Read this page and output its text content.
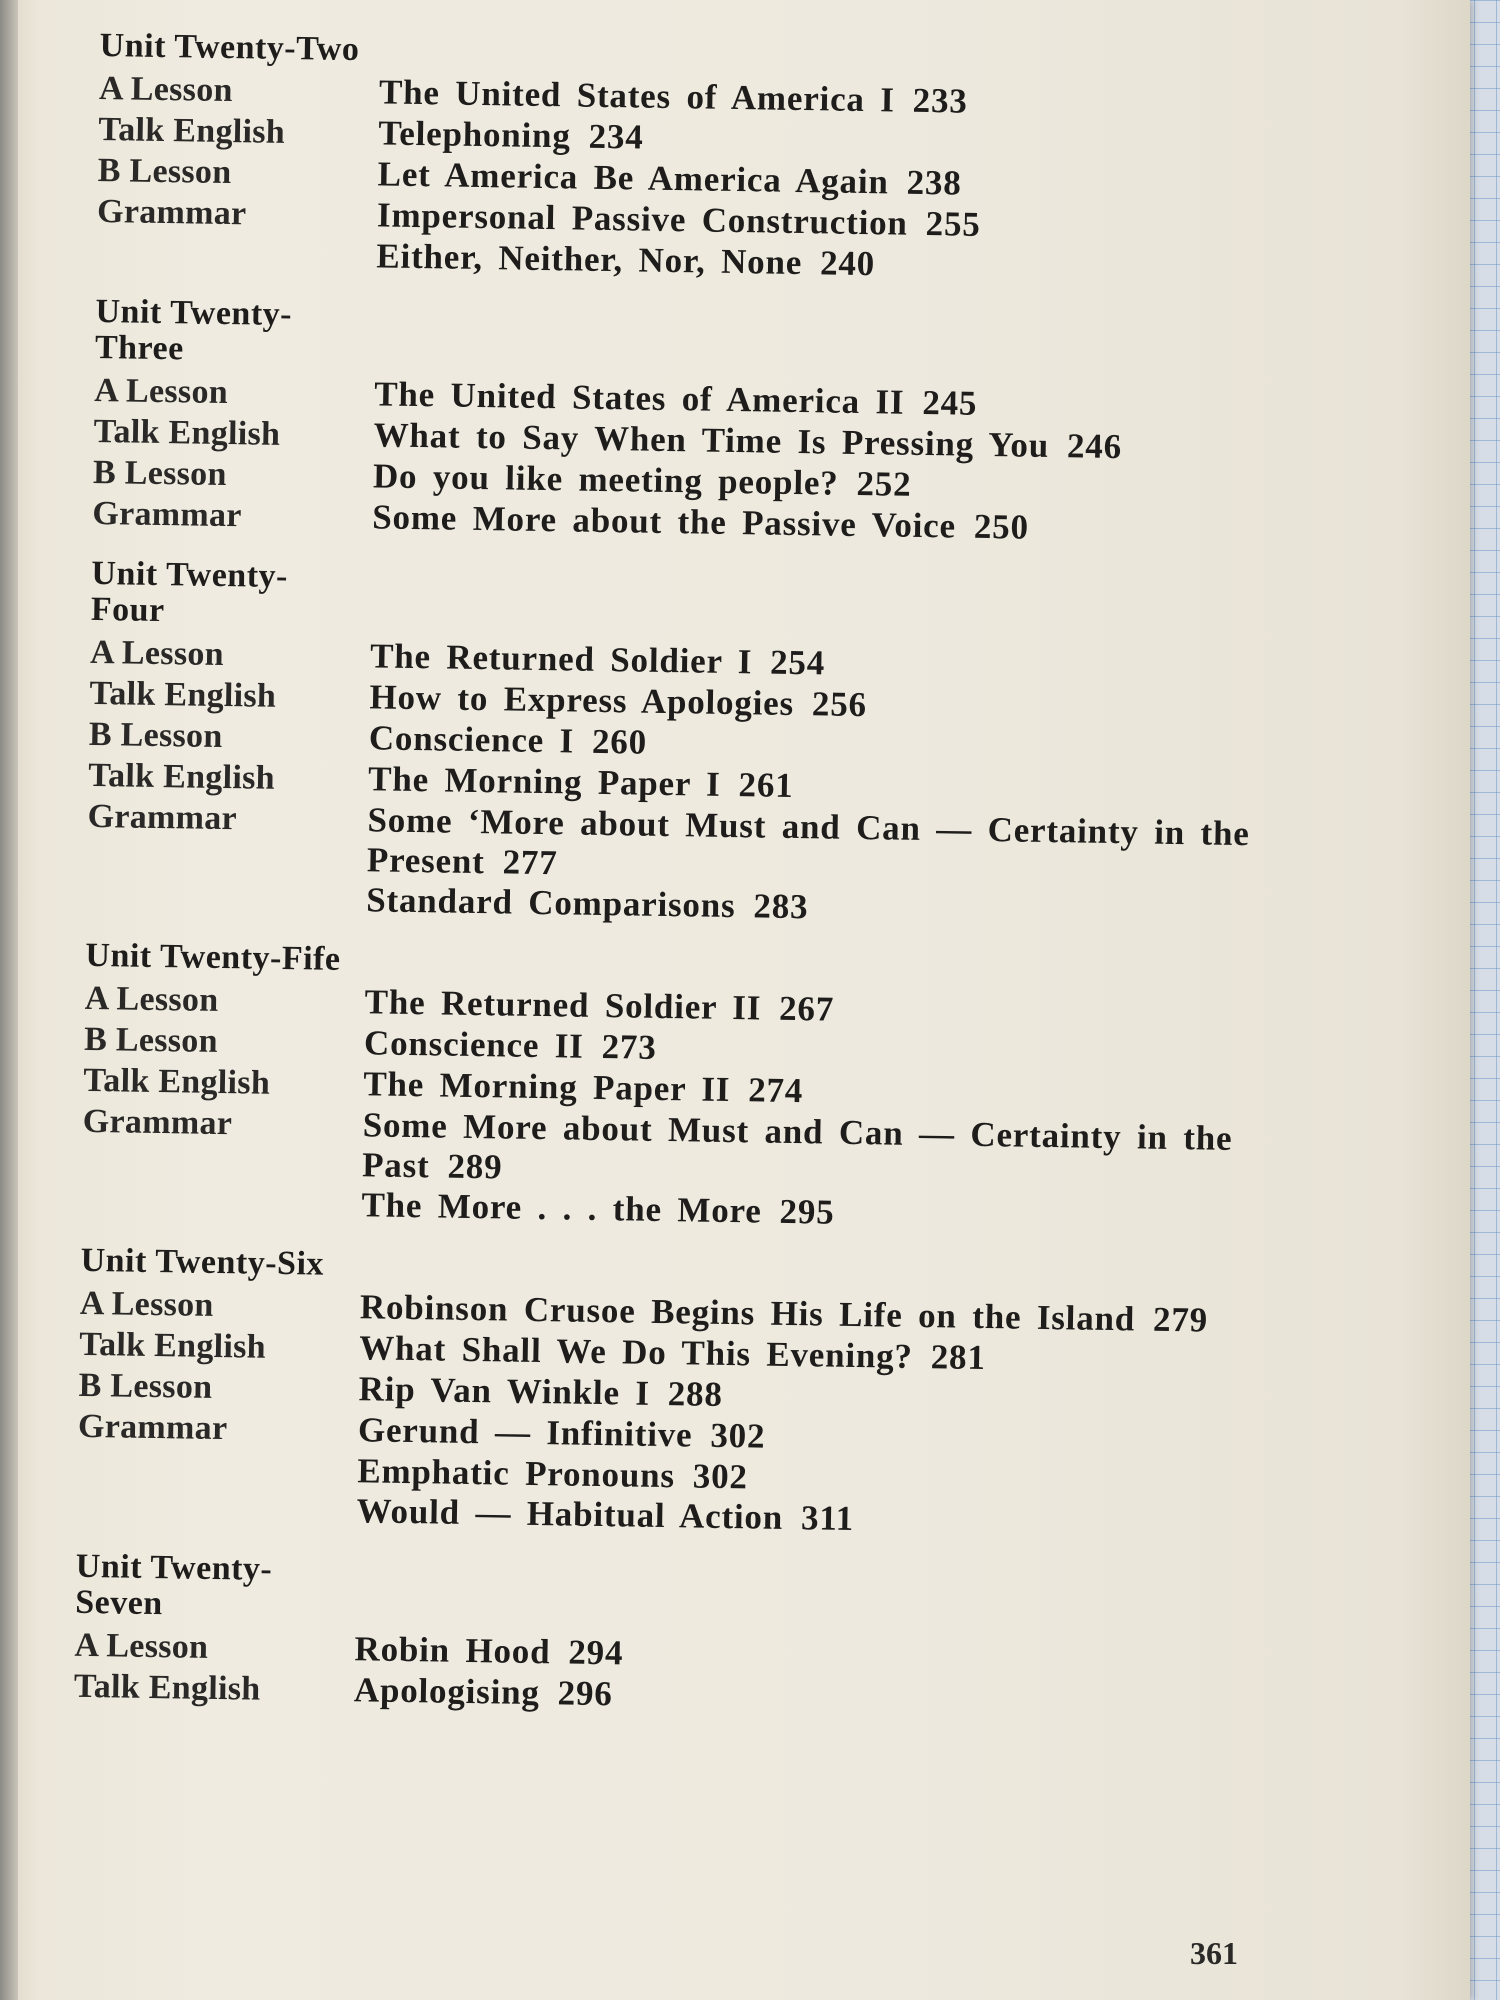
Unit Twenty-Two
A Lesson	The United States of America I 233
Talk English	Telephoning 234
B Lesson	Let America Be America Again 238
Grammar	Impersonal Passive Construction 255
Either, Neither, Nor, None 240
Unit Twenty-Three
A Lesson	The United States of America II 245
Talk English	What to Say When Time Is Pressing You 246
B Lesson	Do you like meeting people? 252
Grammar	Some More about the Passive Voice 250
Unit Twenty-Four
A Lesson	The Returned Soldier I 254
Talk English	How to Express Apologies 256
B Lesson	Conscience I 260
Talk English	The Morning Paper I 261
Grammar	Some ‘More about Must and Can — Certainty in the Present 277
Standard Comparisons 283
Unit Twenty-Fife
A Lesson	The Returned Soldier II 267
B Lesson	Conscience II 273
Talk English	The Morning Paper II 274
Grammar	Some More about Must and Can — Certainty in the Past 289
The More . . . the More 295
Unit Twenty-Six
A Lesson	Robinson Crusoe Begins His Life on the Island 279
Talk English	What Shall We Do This Evening? 281
B Lesson	Rip Van Winkle I 288
Grammar	Gerund — Infinitive 302
Emphatic Pronouns 302
Would — Habitual Action 311
Unit Twenty-Seven
A Lesson	Robin Hood 294
Talk English	Apologising 296
361
